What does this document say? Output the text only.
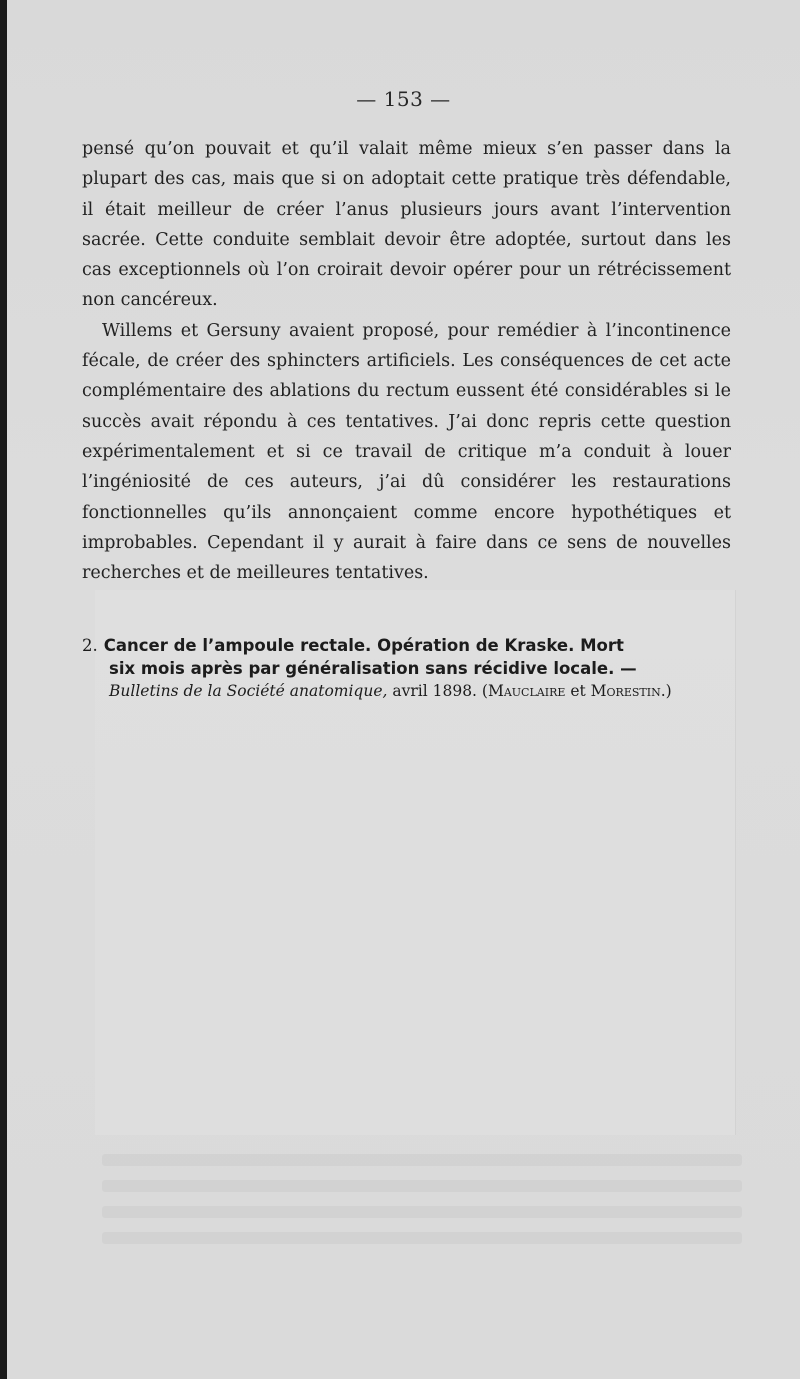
— 153 —

pensé qu’on pouvait et qu’il valait même mieux s’en passer dans la plupart des cas, mais que si on adoptait cette pratique très défendable, il était meilleur de créer l’anus plusieurs jours avant l’intervention sacrée. Cette conduite semblait devoir être adoptée, surtout dans les cas exceptionnels où l’on croirait devoir opérer pour un rétrécissement non cancéreux.

Willems et Gersuny avaient proposé, pour remédier à l’incontinence fécale, de créer des sphincters artificiels. Les conséquences de cet acte complémentaire des ablations du rectum eussent été considérables si le succès avait répondu à ces tentatives. J’ai donc repris cette question expérimentalement et si ce travail de critique m’a conduit à louer l’ingéniosité de ces auteurs, j’ai dû considérer les restaurations fonctionnelles qu’ils annonçaient comme encore hypothétiques et improbables. Cependant il y aurait à faire dans ce sens de nouvelles recherches et de meilleures tentatives.

2. Cancer de l’ampoule rectale. Opération de Kraske. Mort
six mois après par généralisation sans récidive locale. —
Bulletins de la Société anatomique, avril 1898. (Mauclaire et Morestin.)
